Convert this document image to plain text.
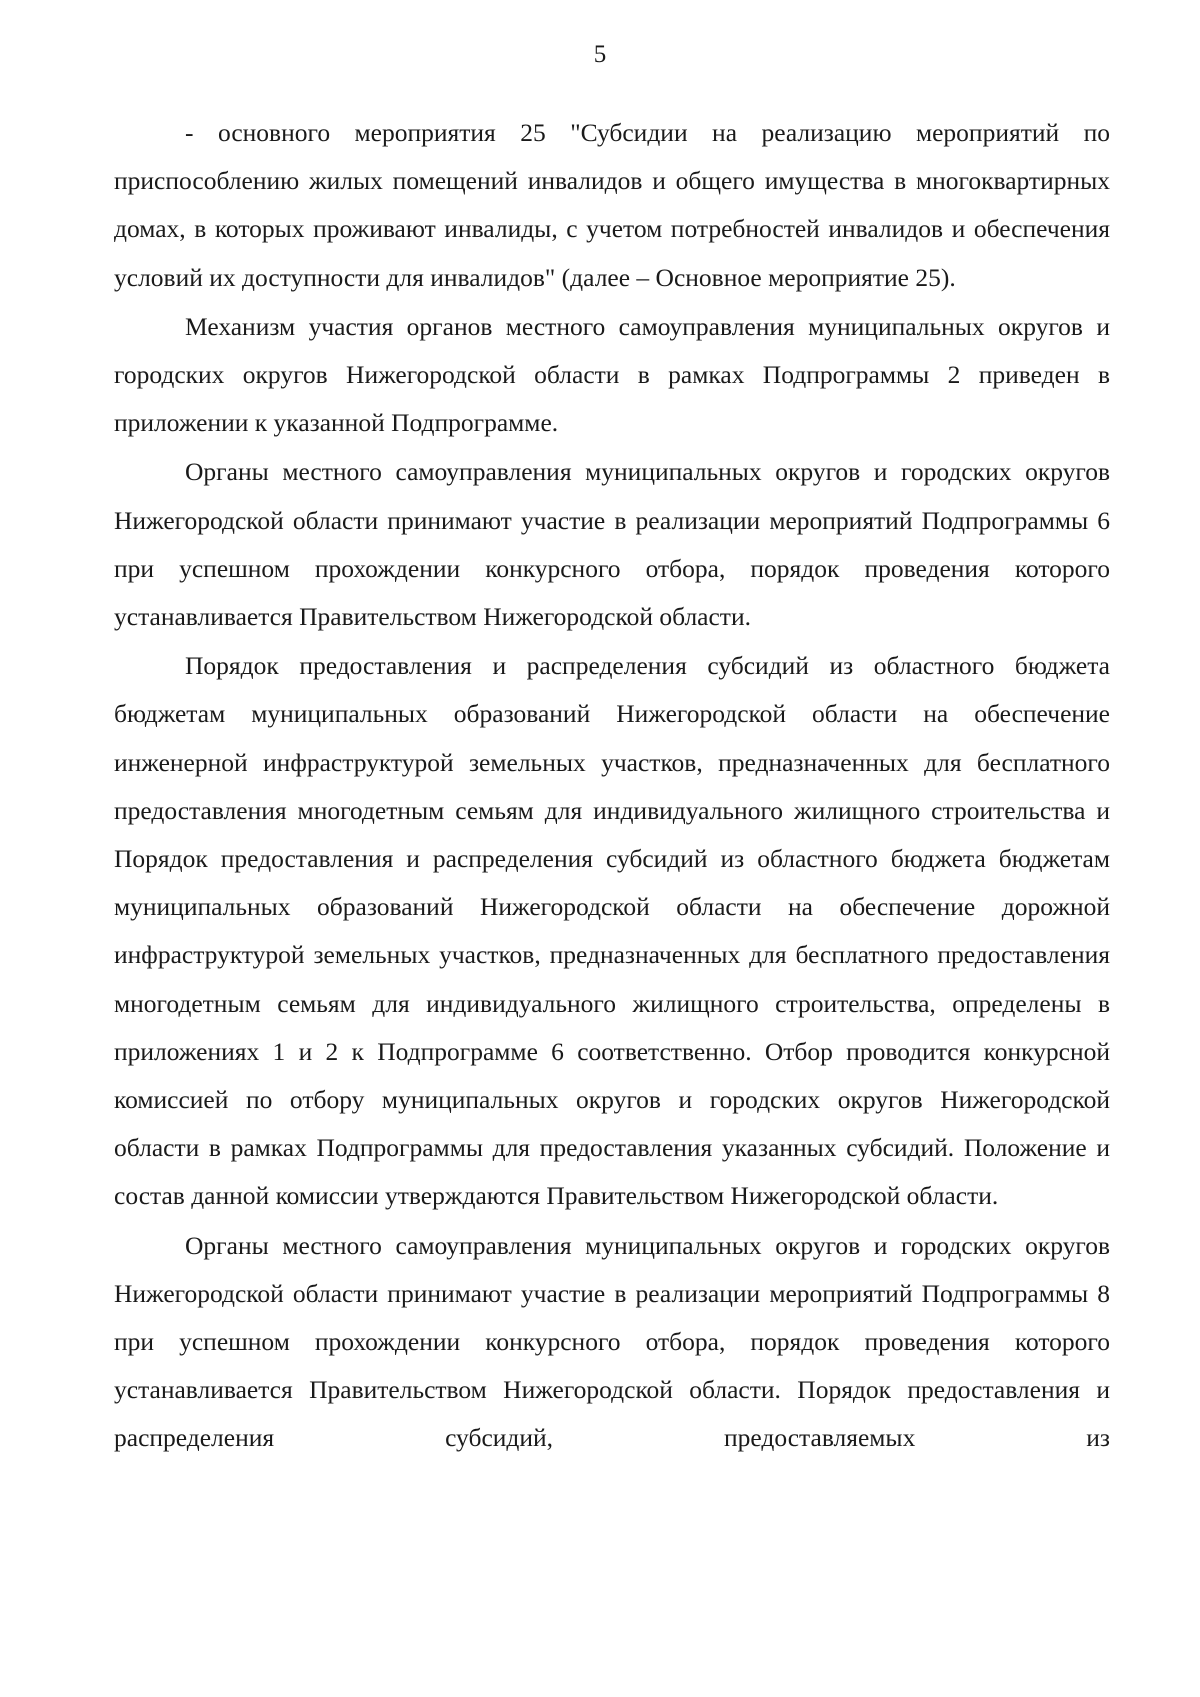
5

- основного мероприятия 25 "Субсидии на реализацию мероприятий по приспособлению жилых помещений инвалидов и общего имущества в многоквартирных домах, в которых проживают инвалиды, с учетом потребностей инвалидов и обеспечения условий их доступности для инвалидов" (далее – Основное мероприятие 25).

Механизм участия органов местного самоуправления муниципальных округов и городских округов Нижегородской области в рамках Подпрограммы 2 приведен в приложении к указанной Подпрограмме.

Органы местного самоуправления муниципальных округов и городских округов Нижегородской области принимают участие в реализации мероприятий Подпрограммы 6 при успешном прохождении конкурсного отбора, порядок проведения которого устанавливается Правительством Нижегородской области.

Порядок предоставления и распределения субсидий из областного бюджета бюджетам муниципальных образований Нижегородской области на обеспечение инженерной инфраструктурой земельных участков, предназначенных для бесплатного предоставления многодетным семьям для индивидуального жилищного строительства и Порядок предоставления и распределения субсидий из областного бюджета бюджетам муниципальных образований Нижегородской области на обеспечение дорожной инфраструктурой земельных участков, предназначенных для бесплатного предоставления многодетным семьям для индивидуального жилищного строительства, определены в приложениях 1 и 2 к Подпрограмме 6 соответственно. Отбор проводится конкурсной комиссией по отбору муниципальных округов и городских округов Нижегородской области в рамках Подпрограммы для предоставления указанных субсидий. Положение и состав данной комиссии утверждаются Правительством Нижегородской области.

Органы местного самоуправления муниципальных округов и городских округов Нижегородской области принимают участие в реализации мероприятий Подпрограммы 8 при успешном прохождении конкурсного отбора, порядок проведения которого устанавливается Правительством Нижегородской области. Порядок предоставления и распределения субсидий, предоставляемых из
